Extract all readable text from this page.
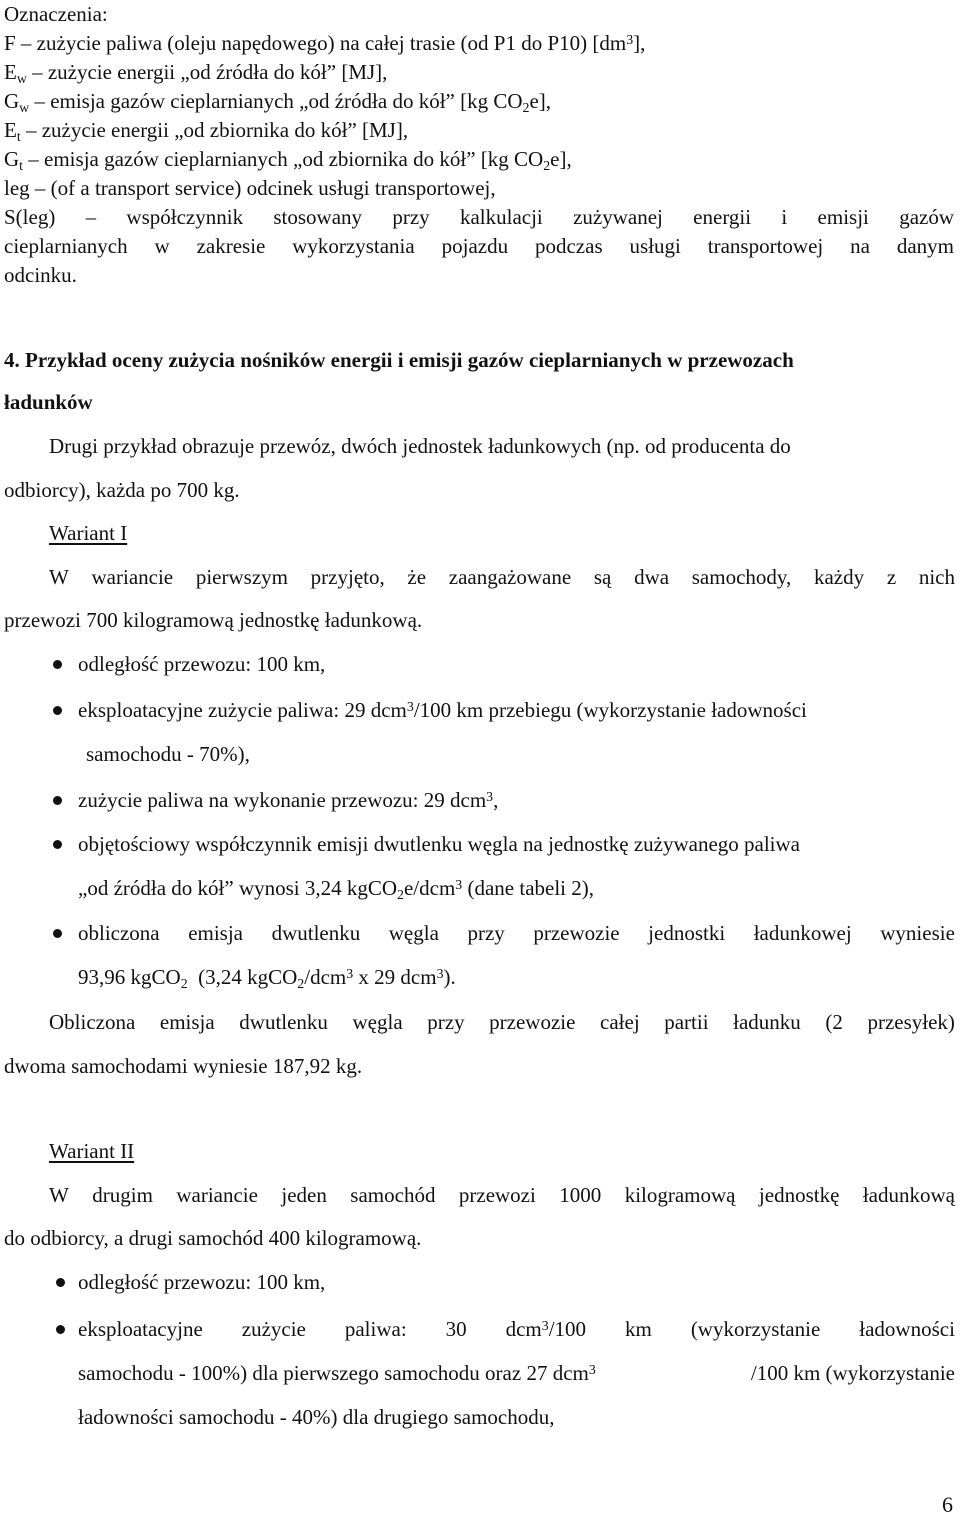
Oznaczenia:
F – zużycie paliwa (oleju napędowego) na całej trasie (od P1 do P10) $[dm^3]$,
Ew – zużycie energii „od źródła do kół” [MJ],
Gw – emisja gazów cieplarnianych „od źródła do kół” [kg CO2e],
Et – zużycie energii „od zbiornika do kół” [MJ],
Gt – emisja gazów cieplarnianych „od zbiornika do kół” [kg CO2e],
leg – (of a transport service) odcinek usługi transportowej,
S(leg) – współczynnik stosowany przy kalkulacji zużywanej energii i emisji gazów
cieplarnianych w zakresie wykorzystania pojazdu podczas usługi transportowej na danym
odcinku.
4. Przykład oceny zużycia nośników energii i emisji gazów cieplarnianych w przewozach
ładunków
Drugi przykład obrazuje przewóz, dwóch jednostek ładunkowych (np. od producenta do
odbiorcy), każda po 700 kg.
Wariant I
W wariancie pierwszym przyjęto, że zaangażowane są dwa samochody, każdy z nich
przewozi 700 kilogramową jednostkę ładunkową.
odległość przewozu: 100 km,
eksploatacyjne zużycie paliwa: 29 dcm$^3$/100 km przebiegu (wykorzystanie ładowności
samochodu - 70%),
zużycie paliwa na wykonanie przewozu: 29 dcm$^3$,
objętościowy współczynnik emisji dwutlenku węgla na jednostkę zużywanego paliwa
„od źródła do kół” wynosi 3,24 kgCO2e/dcm$^3$ (dane tabeli 2),
obliczona emisja dwutlenku węgla przy przewozie jednostki ładunkowej wyniesie
93,96 kgCO2  (3,24 kgCO2/dcm$^3$ x 29 dcm$^3$).
Obliczona emisja dwutlenku węgla przy przewozie całej partii ładunku (2 przesyłek)
dwoma samochodami wyniesie 187,92 kg.
Wariant II
W drugim wariancie jeden samochód przewozi 1000 kilogramową jednostkę ładunkową
do odbiorcy, a drugi samochód 400 kilogramową.
odległość przewozu: 100 km,
eksploatacyjne zużycie paliwa: 30 dcm$^3$/100 km (wykorzystanie ładowności
samochodu - 100%) dla pierwszego samochodu oraz 27 dcm$^3$	/100 km (wykorzystanie
ładowności samochodu - 40%) dla drugiego samochodu,
6
